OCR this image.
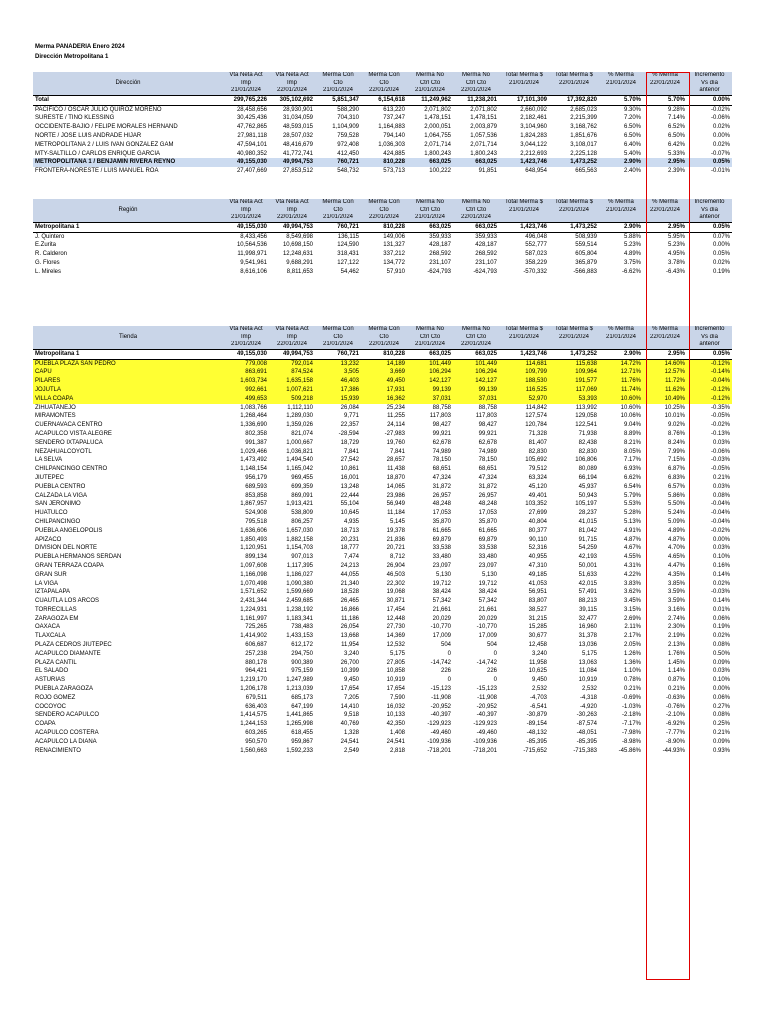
Merma PANADERIA Enero 2024
Dirección Metropolitana 1
Dirección	Vta Neta Act	Vta Neta Act	Merma Con	Merma Con	Merma No	Merma No	Total Merma $	Total Merma $	% Merma	% Merma	Incremento
	Imp	Imp	Cto	Cto	Ctrl Cto	Ctrl Cto	21/01/2024	22/01/2024	21/01/2024	22/01/2024	Vs día
	21/01/2024	22/01/2024	21/01/2024	22/01/2024	21/01/2024	22/01/2024					anterior
Total	299,765,226	305,102,692	5,851,347	6,154,618	11,249,962	11,238,201	17,101,309	17,392,820	5.70%	5.70%	0.00%
PACIFICO / OSCAR JULIO QUIROZ MORENO	28,458,656	28,930,901	588,290	613,220	2,071,802	2,071,802	2,660,092	2,685,023	9.30%	9.28%	-0.02%
SURESTE / TINO KLESSING	30,425,436	31,034,059	704,310	737,247	1,478,151	1,478,151	2,182,461	2,215,399	7.20%	7.14%	-0.06%
OCCIDENTE-BAJIO / FELIPE MORALES HERNAND	47,762,865	48,593,015	1,104,909	1,164,883	2,000,051	2,003,879	3,104,960	3,168,762	6.50%	6.52%	0.02%
NORTE / JOSE LUIS ANDRADE HIJAR	27,981,118	28,507,032	759,528	794,140	1,064,755	1,057,536	1,824,283	1,851,676	6.50%	6.50%	0.00%
METROPOLITANA 2 / LUIS IVAN GONZALEZ GAM	47,594,101	48,416,679	972,408	1,036,303	2,071,714	2,071,714	3,044,122	3,108,017	6.40%	6.42%	0.02%
MTY-SALTILLO / CARLOS ENRIQUE GARCIA	40,980,352	41,772,741	412,450	424,885	1,800,243	1,800,243	2,212,693	2,225,128	5.40%	5.33%	-0.07%
METROPOLITANA 1 / BENJAMIN RIVERA REYNO	49,155,030	49,994,753	760,721	810,228	663,025	663,025	1,423,746	1,473,252	2.90%	2.95%	0.05%
FRONTERA-NORESTE / LUIS MANUEL ROA	27,407,669	27,853,512	548,732	573,713	100,222	91,851	648,954	665,563	2.40%	2.39%	-0.01%
Región	Vta Neta Act	Vta Neta Act	Merma Con	Merma Con	Merma No	Merma No	Total Merma $	Total Merma $	% Merma	% Merma	Incremento
	Imp	Imp	Cto	Cto	Ctrl Cto	Ctrl Cto	21/01/2024	22/01/2024	21/01/2024	22/01/2024	Vs día
	21/01/2024	22/01/2024	21/01/2024	22/01/2024	21/01/2024	22/01/2024					anterior
Metropolitana 1	49,155,030	49,994,753	760,721	810,228	663,025	663,025	1,423,746	1,473,252	2.90%	2.95%	0.05%
J. Quintero	8,433,456	8,549,698	136,115	149,006	359,933	359,933	496,048	508,939	5.88%	5.95%	0.07%
E.Zurita	10,564,536	10,698,150	124,590	131,327	428,187	428,187	552,777	559,514	5.23%	5.23%	0.00%
R. Calderon	11,998,971	12,248,631	318,431	337,212	268,592	268,592	587,023	605,804	4.89%	4.95%	0.05%
G. Flores	9,541,961	9,688,291	127,122	134,772	231,107	231,107	358,229	365,879	3.75%	3.78%	0.02%
L. Mireles	8,616,106	8,811,653	54,462	57,910	-624,793	-624,793	-570,332	-566,883	-6.62%	-6.43%	0.19%
Tienda	Vta Neta Act	Vta Neta Act	Merma Con	Merma Con	Merma No	Merma No	Total Merma $	Total Merma $	% Merma	% Merma	Incremento
	Imp	Imp	Cto	Cto	Ctrl Cto	Ctrl Cto	21/01/2024	22/01/2024	21/01/2024	22/01/2024	Vs día
	21/01/2024	22/01/2024	21/01/2024	22/01/2024	21/01/2024	22/01/2024					anterior
Metropolitana 1	49,155,030	49,994,753	760,721	810,228	663,025	663,025	1,423,746	1,473,252	2.90%	2.95%	0.05%
PUEBLA PLAZA SAN PEDRO	779,008	792,014	13,232	14,189	101,449	101,449	114,681	115,638	14.72%	14.60%	-0.12%
CAPU	863,691	874,524	3,505	3,669	106,294	106,294	109,799	109,964	12.71%	12.57%	-0.14%
PILARES	1,603,734	1,635,158	46,403	49,450	142,127	142,127	188,530	191,577	11.76%	11.72%	-0.04%
JOJUTLA	992,661	1,007,621	17,386	17,931	99,139	99,139	116,525	117,069	11.74%	11.62%	-0.12%
VILLA COAPA	499,653	509,218	15,939	16,362	37,031	37,031	52,970	53,393	10.60%	10.49%	-0.12%
ZIHUATANEJO	1,083,766	1,112,110	26,084	25,234	88,758	88,758	114,842	113,992	10.60%	10.25%	-0.35%
MIRAMONTES	1,268,464	1,289,030	9,771	11,255	117,803	117,803	127,574	129,058	10.06%	10.01%	-0.05%
CUERNAVACA CENTRO	1,336,690	1,359,026	22,357	24,114	98,427	98,427	120,784	122,541	9.04%	9.02%	-0.02%
ACAPULCO VISTA ALEGRE	802,358	821,074	-28,594	-27,983	99,921	99,921	71,328	71,938	8.89%	8.76%	-0.13%
SENDERO IXTAPALUCA	991,387	1,000,667	18,729	19,760	62,678	62,678	81,407	82,438	8.21%	8.24%	0.03%
NEZAHUALCOYOTL	1,029,466	1,036,821	7,841	7,841	74,989	74,989	82,830	82,830	8.05%	7.99%	-0.06%
LA SELVA	1,473,492	1,494,540	27,542	28,657	78,150	78,150	105,692	106,806	7.17%	7.15%	-0.03%
CHILPANCINGO CENTRO	1,148,154	1,165,042	10,861	11,438	68,651	68,651	79,512	80,089	6.93%	6.87%	-0.05%
JIUTEPEC	956,179	969,455	16,001	18,870	47,324	47,324	63,324	66,194	6.62%	6.83%	0.21%
PUEBLA CENTRO	689,593	699,359	13,248	14,065	31,872	31,872	45,120	45,937	6.54%	6.57%	0.03%
CALZADA LA VIGA	853,858	869,091	22,444	23,986	26,957	26,957	49,401	50,943	5.79%	5.86%	0.08%
SAN JERONIMO	1,867,957	1,913,421	55,104	56,949	48,248	48,248	103,352	105,197	5.53%	5.50%	-0.04%
HUATULCO	524,908	538,809	10,645	11,184	17,053	17,053	27,699	28,237	5.28%	5.24%	-0.04%
CHILPANCINGO	795,518	806,257	4,935	5,145	35,870	35,870	40,804	41,015	5.13%	5.09%	-0.04%
PUEBLA ANGELOPOLIS	1,636,606	1,657,030	18,713	19,378	61,665	61,665	80,377	81,042	4.91%	4.89%	-0.02%
APIZACO	1,850,493	1,882,158	20,231	21,836	69,879	69,879	90,110	91,715	4.87%	4.87%	0.00%
DIVISION DEL NORTE	1,120,951	1,154,703	18,777	20,721	33,538	33,538	52,316	54,259	4.67%	4.70%	0.03%
PUEBLA HERMANOS SERDAN	899,134	907,013	7,474	8,712	33,480	33,480	40,955	42,193	4.55%	4.65%	0.10%
GRAN TERRAZA COAPA	1,097,608	1,117,395	24,213	26,904	23,097	23,097	47,310	50,001	4.31%	4.47%	0.16%
GRAN SUR	1,166,098	1,186,027	44,055	46,503	5,130	5,130	49,185	51,633	4.22%	4.35%	0.14%
LA VIGA	1,070,498	1,090,380	21,340	22,302	19,712	19,712	41,053	42,015	3.83%	3.85%	0.02%
IZTAPALAPA	1,571,652	1,599,669	18,528	19,068	38,424	38,424	56,951	57,491	3.62%	3.59%	-0.03%
CUAUTLA LOS ARCOS	2,431,344	2,459,685	26,465	30,871	57,342	57,342	83,807	88,213	3.45%	3.59%	0.14%
TORRECILLAS	1,224,931	1,238,192	16,866	17,454	21,661	21,661	38,527	39,115	3.15%	3.16%	0.01%
ZARAGOZA EM	1,161,997	1,183,341	11,186	12,448	20,029	20,029	31,215	32,477	2.69%	2.74%	0.06%
OAXACA	725,265	738,483	26,054	27,730	-10,770	-10,770	15,285	16,960	2.11%	2.30%	0.19%
TLAXCALA	1,414,902	1,433,153	13,668	14,369	17,009	17,009	30,677	31,378	2.17%	2.19%	0.02%
PLAZA CEDROS JIUTEPEC	606,687	612,172	11,954	12,532	504	504	12,458	13,036	2.05%	2.13%	0.08%
ACAPULCO DIAMANTE	257,238	294,750	3,240	5,175	0	0	3,240	5,175	1.26%	1.76%	0.50%
PLAZA CANTIL	880,178	900,389	26,700	27,805	-14,742	-14,742	11,958	13,063	1.36%	1.45%	0.09%
EL SALADO	964,421	975,159	10,399	10,858	226	226	10,625	11,084	1.10%	1.14%	0.03%
ASTURIAS	1,219,170	1,247,989	9,450	10,919	0	0	9,450	10,919	0.78%	0.87%	0.10%
PUEBLA ZARAGOZA	1,206,178	1,213,039	17,654	17,654	-15,123	-15,123	2,532	2,532	0.21%	0.21%	0.00%
ROJO GOMEZ	679,511	685,173	7,205	7,590	-11,908	-11,908	-4,703	-4,318	-0.69%	-0.63%	0.06%
COCOYOC	636,403	647,199	14,410	16,032	-20,952	-20,952	-6,541	-4,920	-1.03%	-0.76%	0.27%
SENDERO ACAPULCO	1,414,575	1,441,865	9,518	10,133	-40,397	-40,397	-30,879	-30,263	-2.18%	-2.10%	0.08%
COAPA	1,244,153	1,265,998	40,769	42,350	-129,923	-129,923	-89,154	-87,574	-7.17%	-6.92%	0.25%
ACAPULCO COSTERA	603,265	618,455	1,328	1,408	-49,460	-49,460	-48,132	-48,051	-7.98%	-7.77%	0.21%
ACAPULCO LA DIANA	950,570	959,867	24,541	24,541	-109,936	-109,936	-85,395	-85,395	-8.98%	-8.90%	0.09%
RENACIMIENTO	1,560,663	1,592,233	2,549	2,818	-718,201	-718,201	-715,652	-715,383	-45.86%	-44.93%	0.93%
